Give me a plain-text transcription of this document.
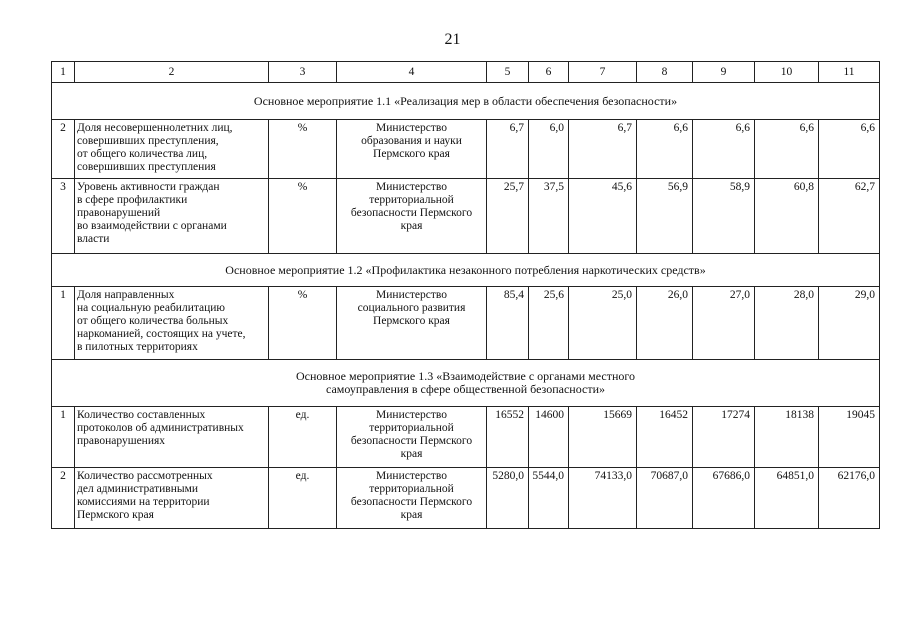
21
1	2	3	4	5	6	7	8	9	10	11
Основное мероприятие 1.1 «Реализация мер в области обеспечения безопасности»										
2	Доля несовершеннолетних лиц,
совершивших преступления,
от общего количества лиц,
совершивших преступления	%	Министерство
образования и науки
Пермского края	6,7	6,0	6,7	6,6	6,6	6,6	6,6
3	Уровень активности граждан
в сфере профилактики
правонарушений
во взаимодействии с органами
власти	%	Министерство
территориальной
безопасности Пермского
края	25,7	37,5	45,6	56,9	58,9	60,8	62,7
Основное мероприятие 1.2 «Профилактика незаконного потребления наркотических средств»										
1	Доля направленных
на социальную реабилитацию
от общего количества больных
наркоманией, состоящих на учете,
в пилотных территориях	%	Министерство
социального развития
Пермского края	85,4	25,6	25,0	26,0	27,0	28,0	29,0
Основное мероприятие 1.3 «Взаимодействие с органами местного
самоуправления в сфере общественной безопасности»										
1	Количество составленных
протоколов об административных
правонарушениях	ед.	Министерство
территориальной
безопасности Пермского
края	16552	14600	15669	16452	17274	18138	19045
2	Количество рассмотренных
дел административными
комиссиями на территории
Пермского края	ед.	Министерство
территориальной
безопасности Пермского
края	5280,0	5544,0	74133,0	70687,0	67686,0	64851,0	62176,0
